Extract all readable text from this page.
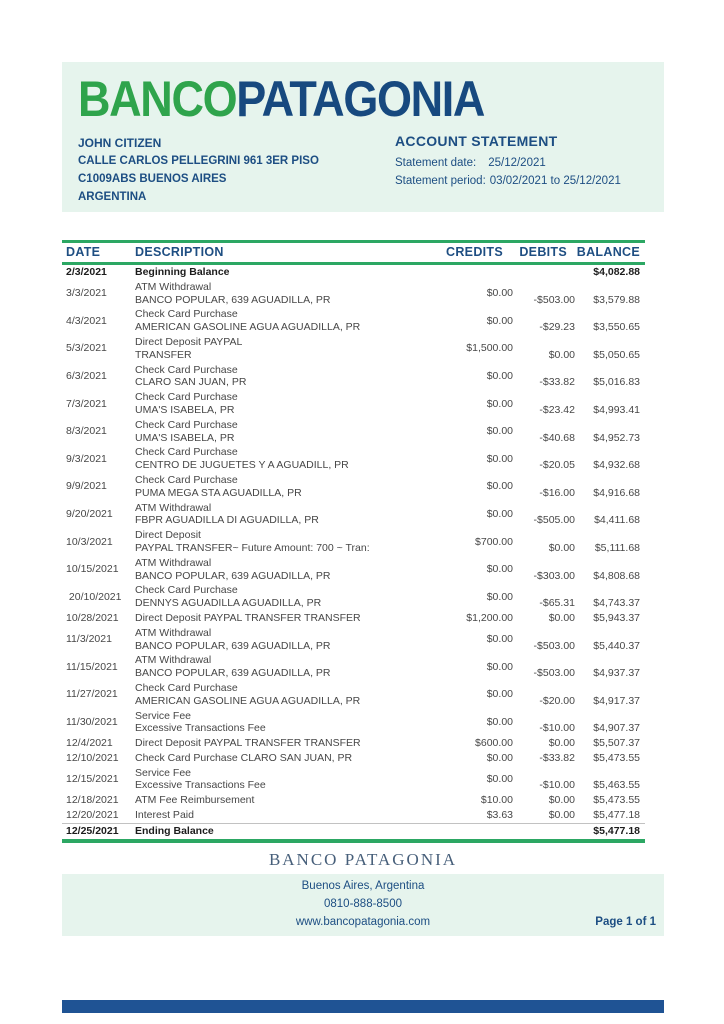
BANCOPATAGONIA
JOHN CITIZEN
CALLE CARLOS PELLEGRINI 961 3ER PISO
C1009ABS BUENOS AIRES
ARGENTINA
ACCOUNT STATEMENT
Statement date: 25/12/2021
Statement period: 03/02/2021 to 25/12/2021
DATE	DESCRIPTION	CREDITS	DEBITS	BALANCE
2/3/2021	Beginning Balance			$4,082.88
3/3/2021	ATM Withdrawal
BANCO POPULAR, 639 AGUADILLA, PR	$0.00	-$503.00	$3,579.88
4/3/2021	Check Card Purchase
AMERICAN GASOLINE AGUA AGUADILLA, PR	$0.00	-$29.23	$3,550.65
5/3/2021	Direct Deposit PAYPAL
TRANSFER	$1,500.00	$0.00	$5,050.65
6/3/2021	Check Card Purchase
CLARO SAN JUAN, PR	$0.00	-$33.82	$5,016.83
7/3/2021	Check Card Purchase
UMA'S ISABELA, PR	$0.00	-$23.42	$4,993.41
8/3/2021	Check Card Purchase
UMA'S ISABELA, PR	$0.00	-$40.68	$4,952.73
9/3/2021	Check Card Purchase
CENTRO DE JUGUETES Y A AGUADILL, PR	$0.00	-$20.05	$4,932.68
9/9/2021	Check Card Purchase
PUMA MEGA STA AGUADILLA, PR	$0.00	-$16.00	$4,916.68
9/20/2021	ATM Withdrawal
FBPR AGUADILLA DI AGUADILLA, PR	$0.00	-$505.00	$4,411.68
10/3/2021	Direct Deposit
PAYPAL TRANSFER~ Future Amount: 700 ~ Tran:	$700.00	$0.00	$5,111.68
10/15/2021	ATM Withdrawal
BANCO POPULAR, 639 AGUADILLA, PR	$0.00	-$303.00	$4,808.68
20/10/2021	Check Card Purchase
DENNYS AGUADILLA AGUADILLA, PR	$0.00	-$65.31	$4,743.37
10/28/2021	Direct Deposit PAYPAL TRANSFER TRANSFER	$1,200.00	$0.00	$5,943.37
11/3/2021	ATM Withdrawal
BANCO POPULAR, 639 AGUADILLA, PR	$0.00	-$503.00	$5,440.37
11/15/2021	ATM Withdrawal
BANCO POPULAR, 639 AGUADILLA, PR	$0.00	-$503.00	$4,937.37
11/27/2021	Check Card Purchase
AMERICAN GASOLINE AGUA AGUADILLA, PR	$0.00	-$20.00	$4,917.37
11/30/2021	Service Fee
Excessive Transactions Fee	$0.00	-$10.00	$4,907.37
12/4/2021	Direct Deposit PAYPAL TRANSFER TRANSFER	$600.00	$0.00	$5,507.37
12/10/2021	Check Card Purchase CLARO SAN JUAN, PR	$0.00	-$33.82	$5,473.55
12/15/2021	Service Fee
Excessive Transactions Fee	$0.00	-$10.00	$5,463.55
12/18/2021	ATM Fee Reimbursement	$10.00	$0.00	$5,473.55
12/20/2021	Interest Paid	$3.63	$0.00	$5,477.18
12/25/2021	Ending Balance			$5,477.18
BANCO PATAGONIA
Buenos Aires, Argentina
0810-888-8500
www.bancopatagonia.com	Page 1 of 1
